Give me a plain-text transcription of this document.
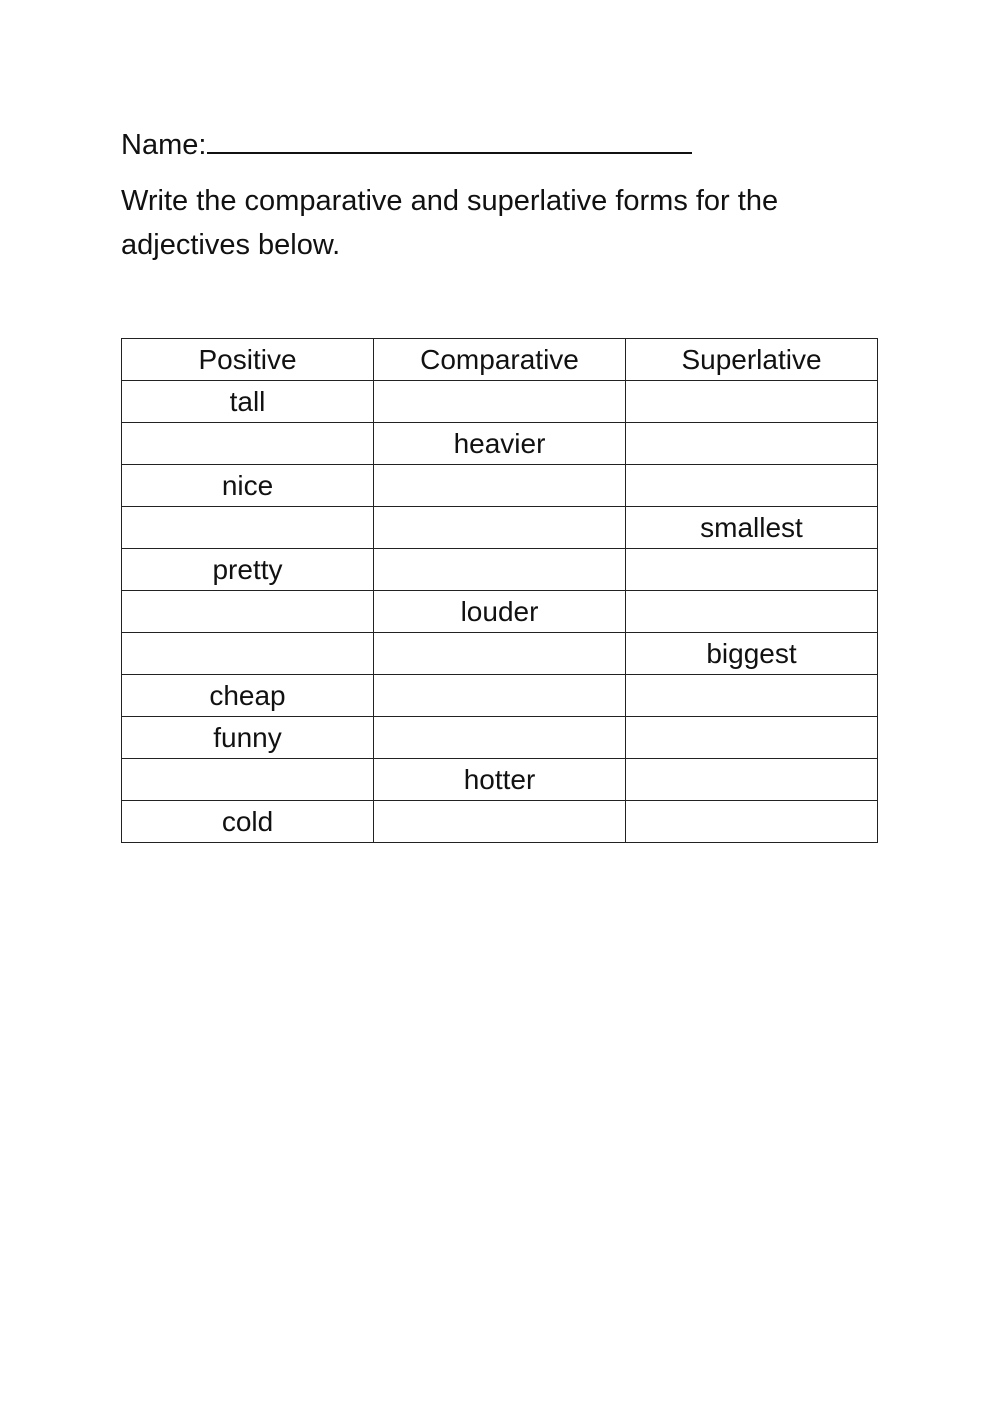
Name:
Write the comparative and superlative forms for the adjectives below.
Positive	Comparative	Superlative
tall		
	heavier	
nice		
		smallest
pretty		
	louder	
		biggest
cheap		
funny		
	hotter	
cold		
